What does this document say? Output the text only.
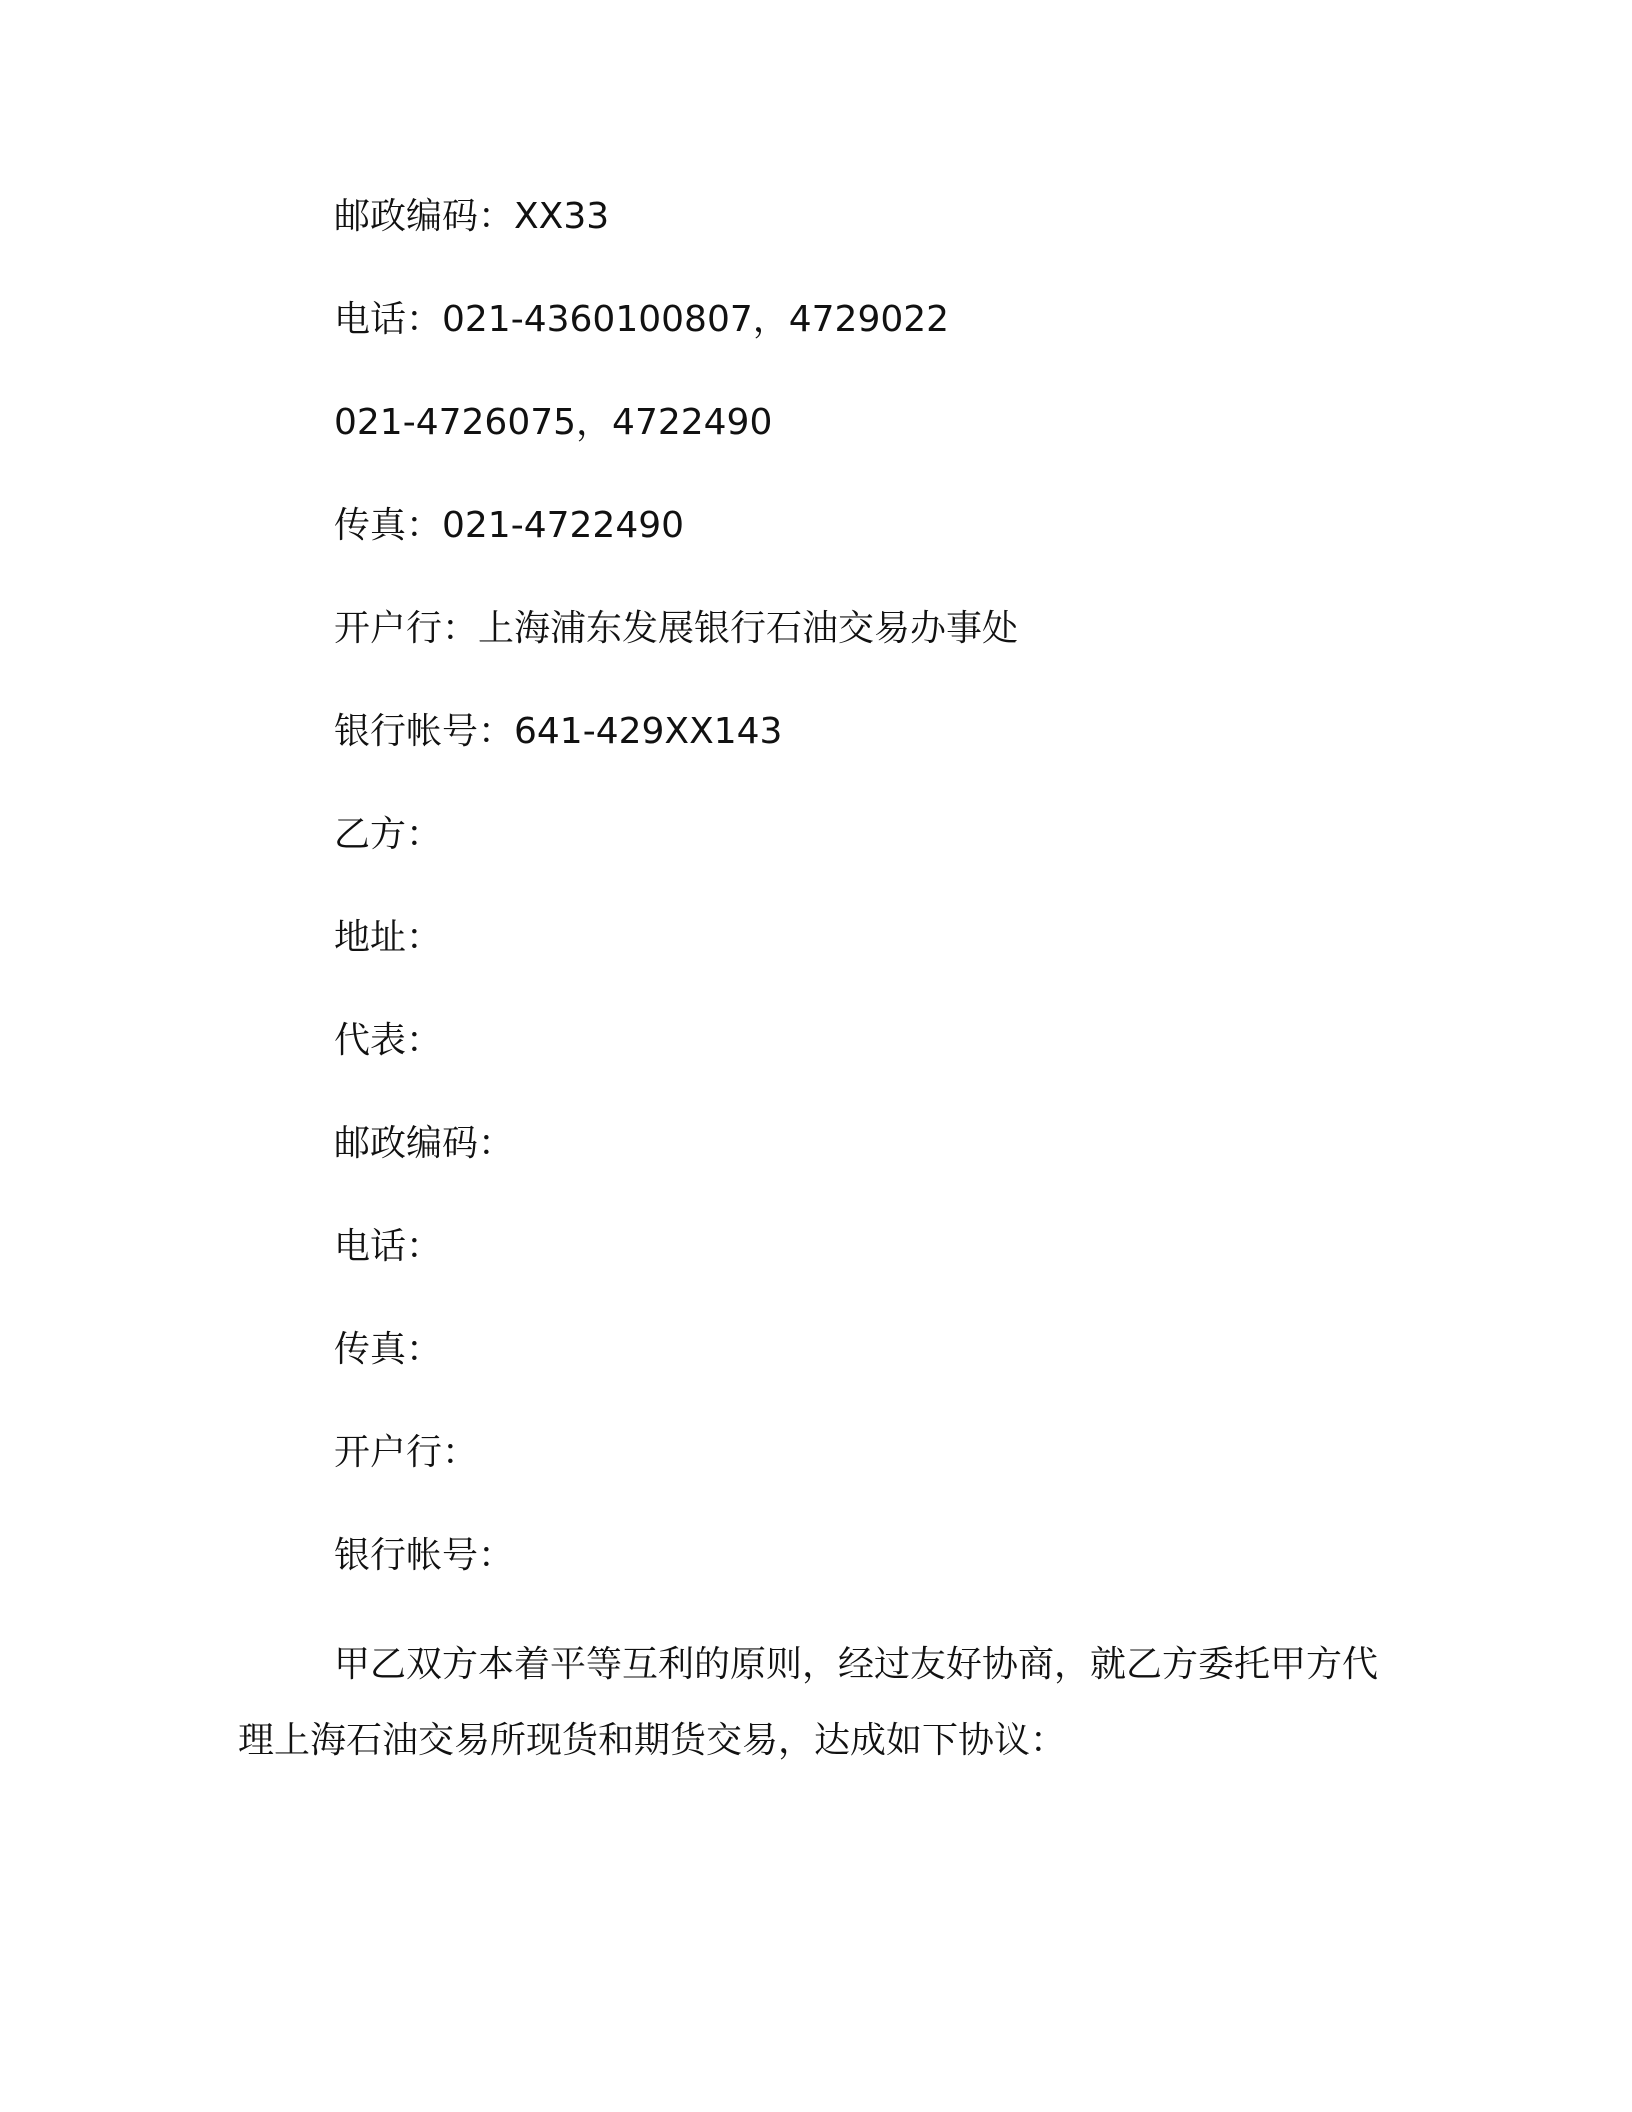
邮政编码：XX33
电话：021-4360100807，4729022
021-4726075，4722490
传真：021-4722490
开户行：上海浦东发展银行石油交易办事处
银行帐号：641-429XX143
乙方：
地址：
代表：
邮政编码：
电话：
传真：
开户行：
银行帐号：
甲乙双方本着平等互利的原则，经过友好协商，就乙方委托甲方代理上海石油交易所现货和期货交易，达成如下协议：
